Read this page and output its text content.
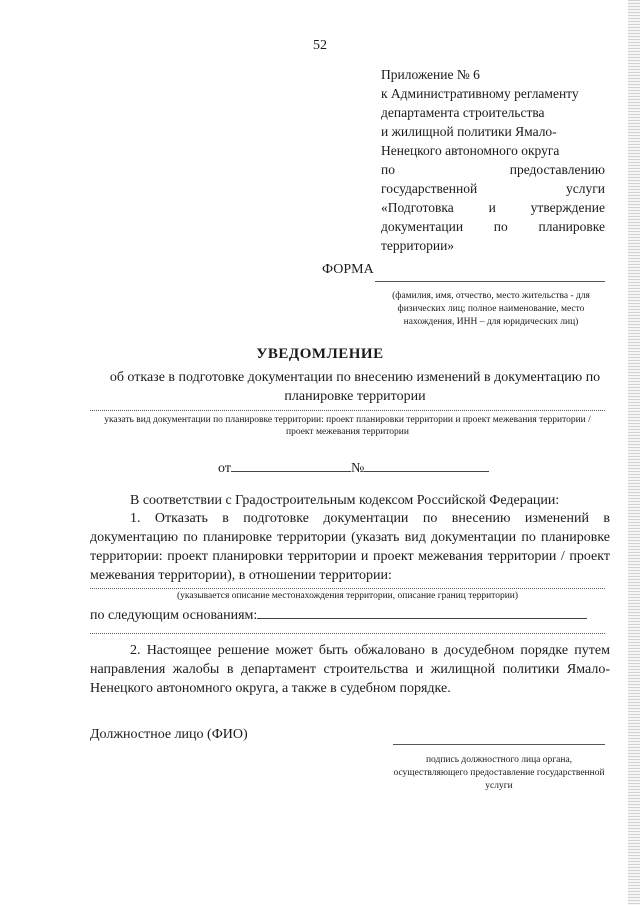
52
Приложение № 6
к Административному регламенту
департамента строительства
и жилищной политики Ямало-
Ненецкого автономного округа
по предоставлению
государственной услуги
«Подготовка и утверждение
документации по планировке
территории»
ФОРМА
(фамилия, имя, отчество, место жительства - для физических лиц; полное наименование, место нахождения, ИНН – для юридических лиц)
УВЕДОМЛЕНИЕ
об отказе в подготовке документации по внесению изменений в документацию по планировке территории
указать вид документации по планировке территории: проект планировки территории и проект межевания территории / проект межевания территории
от	№
В соответствии с Градостроительным кодексом Российской Федерации:
1. Отказать в подготовке документации по внесению изменений в документацию по планировке территории (указать вид документации по планировке территории: проект планировки территории и проект межевания территории / проект межевания территории), в отношении территории:
(указывается описание местонахождения территории, описание границ территории)
по следующим основаниям:
2. Настоящее решение может быть обжаловано в досудебном порядке путем направления жалобы в департамент строительства и жилищной политики Ямало-Ненецкого автономного округа, а также в судебном порядке.
Должностное лицо (ФИО)
подпись должностного лица органа, осуществляющего предоставление государственной услуги
